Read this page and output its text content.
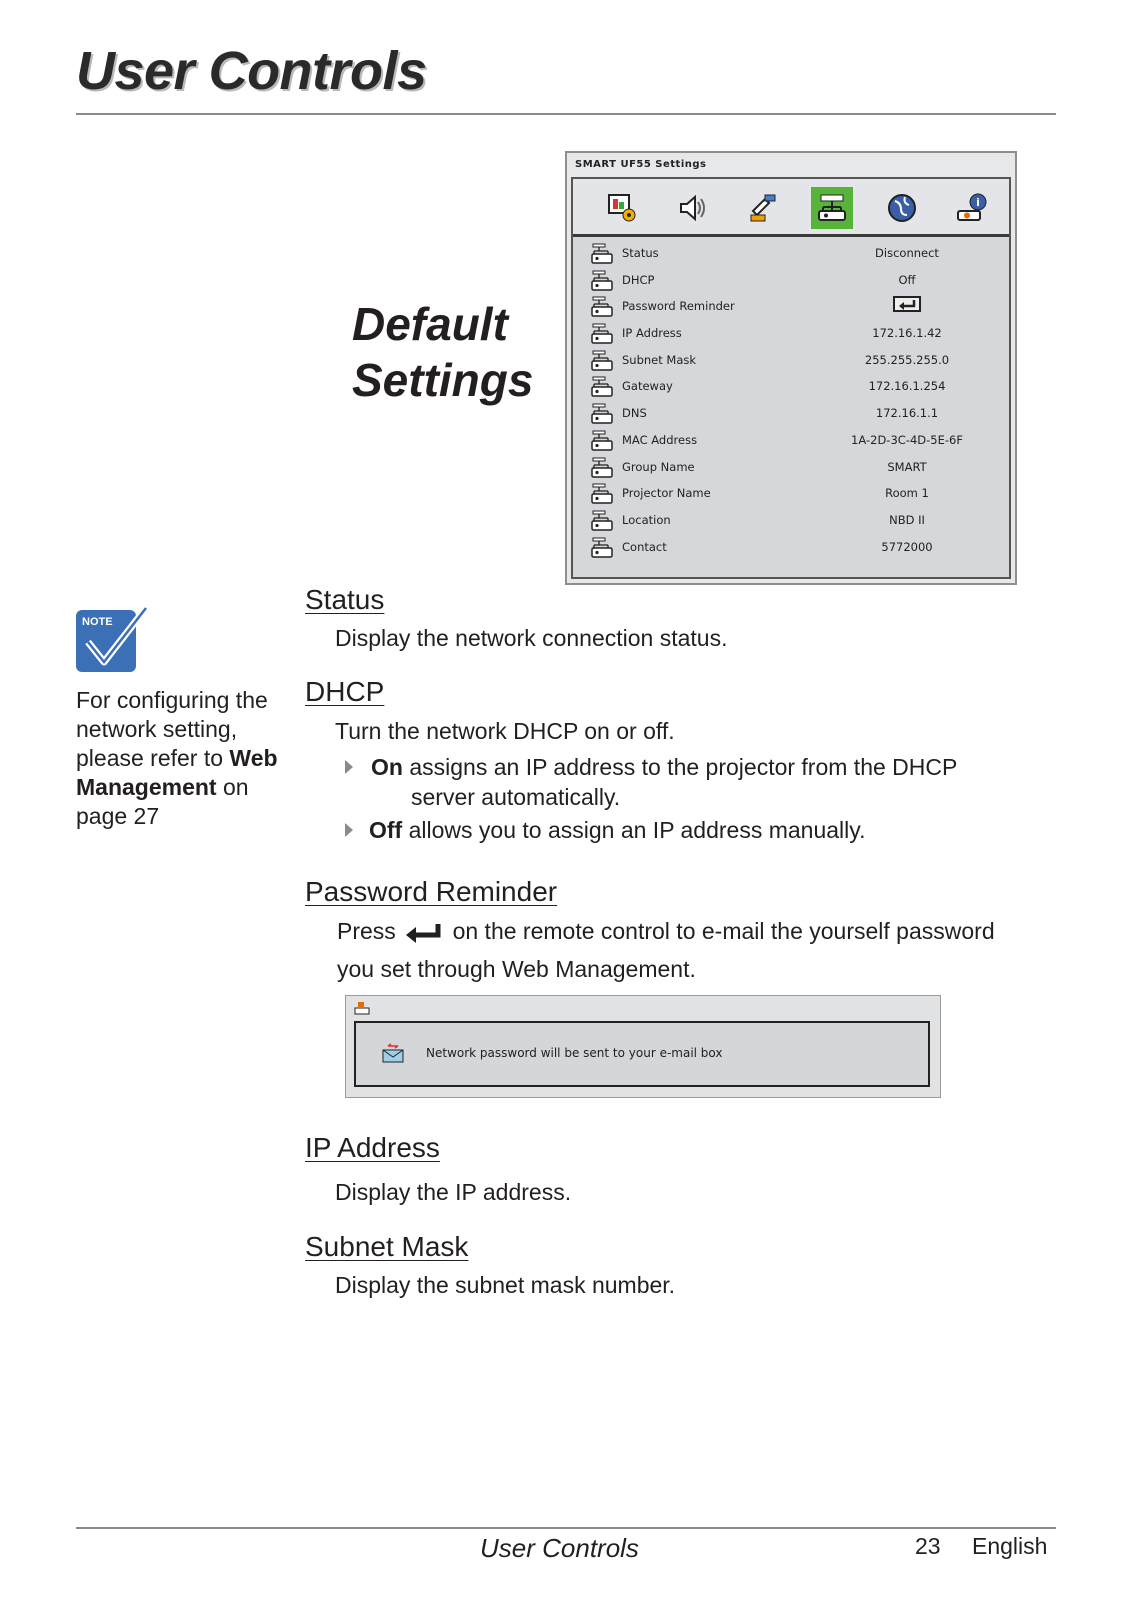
User Controls
Default
Settings
SMART UF55 Settings
i
Status	Disconnect
DHCP	Off
Password Reminder
IP Address	172.16.1.42
Subnet Mask	255.255.255.0
Gateway	172.16.1.254
DNS	172.16.1.1
MAC Address	1A-2D-3C-4D-5E-6F
Group Name	SMART
Projector Name	Room 1
Location	NBD II
Contact	5772000
NOTE
For configuring the network setting, please refer to Web Management on page 27
Status
Display the network connection status.
DHCP
Turn the network DHCP on or off.
On assigns an IP address to the projector from the DHCP
server automatically.
Off allows you to assign an IP address manually.
Password Reminder
Press on the remote control to e-mail the yourself password
you set through Web Management.
Network password will be sent to your e-mail box
IP Address
Display the IP address.
Subnet Mask
Display the subnet mask number.
User Controls	23 English
